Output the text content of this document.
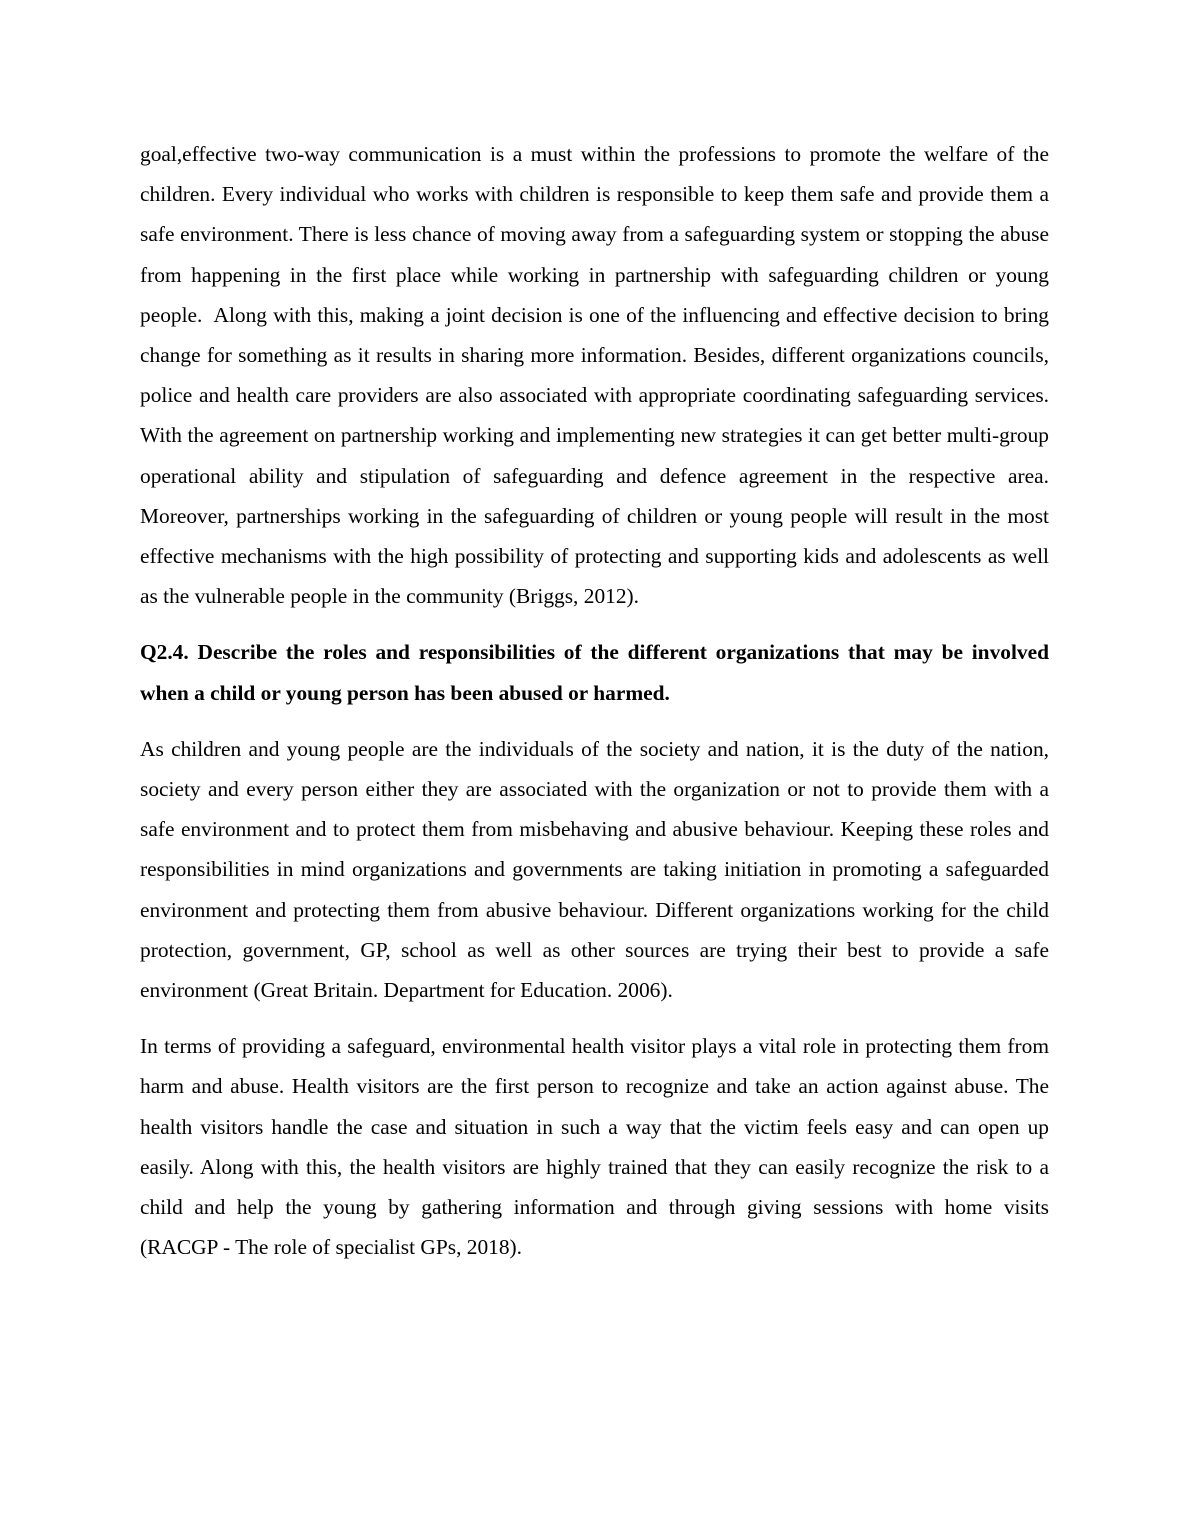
goal,effective two-way communication is a must within the professions to promote the welfare of the children. Every individual who works with children is responsible to keep them safe and provide them a safe environment. There is less chance of moving away from a safeguarding system or stopping the abuse from happening in the first place while working in partnership with safeguarding children or young people.  Along with this, making a joint decision is one of the influencing and effective decision to bring change for something as it results in sharing more information. Besides, different organizations councils, police and health care providers are also associated with appropriate coordinating safeguarding services. With the agreement on partnership working and implementing new strategies it can get better multi-group operational ability and stipulation of safeguarding and defence agreement in the respective area. Moreover, partnerships working in the safeguarding of children or young people will result in the most effective mechanisms with the high possibility of protecting and supporting kids and adolescents as well as the vulnerable people in the community (Briggs, 2012).

Q2.4. Describe the roles and responsibilities of the different organizations that may be involved when a child or young person has been abused or harmed.

As children and young people are the individuals of the society and nation, it is the duty of the nation, society and every person either they are associated with the organization or not to provide them with a safe environment and to protect them from misbehaving and abusive behaviour. Keeping these roles and responsibilities in mind organizations and governments are taking initiation in promoting a safeguarded environment and protecting them from abusive behaviour. Different organizations working for the child protection, government, GP, school as well as other sources are trying their best to provide a safe environment (Great Britain. Department for Education. 2006).

In terms of providing a safeguard, environmental health visitor plays a vital role in protecting them from harm and abuse. Health visitors are the first person to recognize and take an action against abuse. The health visitors handle the case and situation in such a way that the victim feels easy and can open up easily. Along with this, the health visitors are highly trained that they can easily recognize the risk to a child and help the young by gathering information and through giving sessions with home visits  (RACGP - The role of specialist GPs, 2018).
